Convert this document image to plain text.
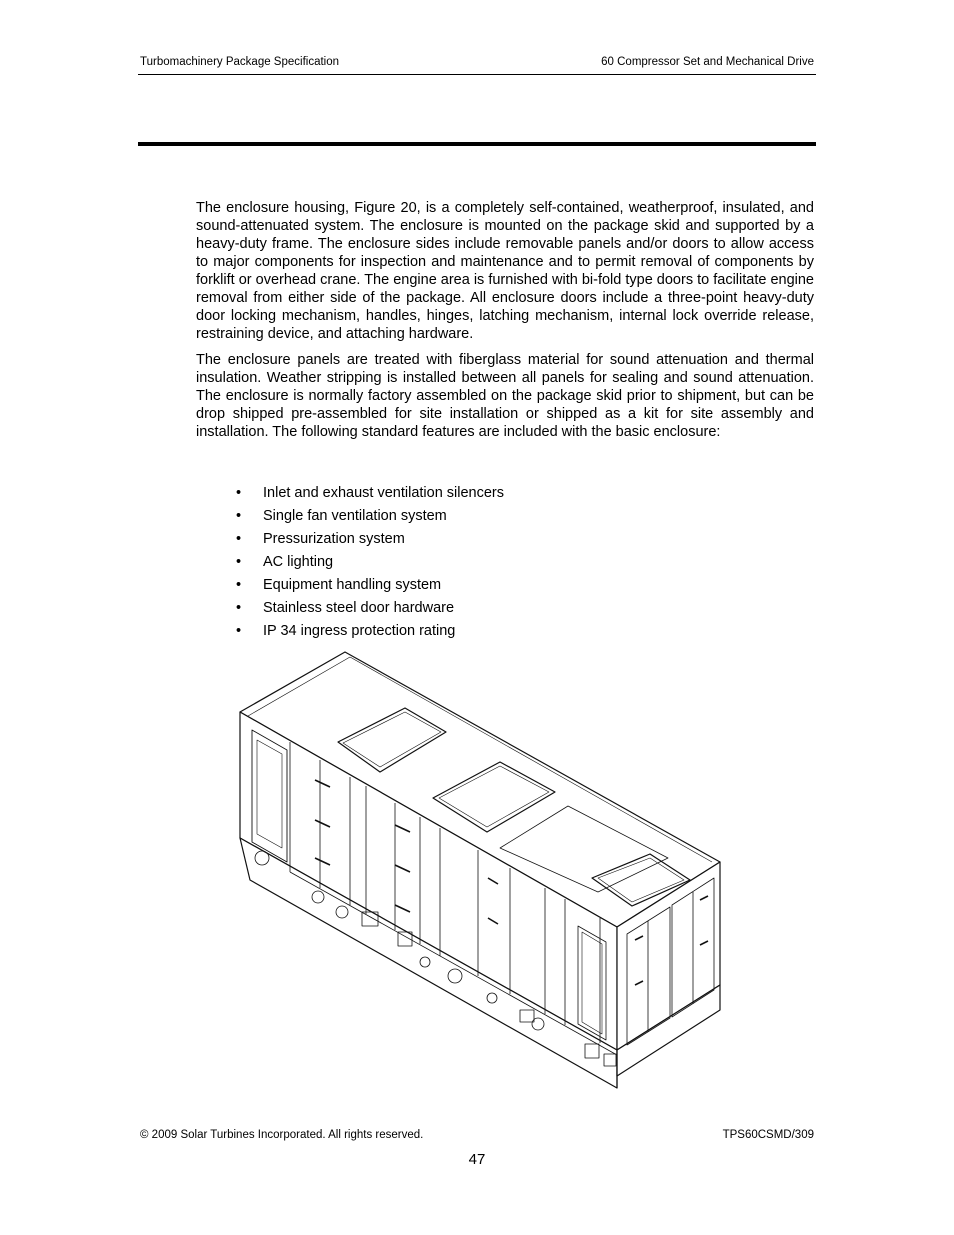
Turbomachinery Package Specification	60 Compressor Set and Mechanical Drive

The enclosure housing, Figure 20, is a completely self-contained, weatherproof, insulated, and sound-attenuated system. The enclosure is mounted on the package skid and supported by a heavy-duty frame. The enclosure sides include removable panels and/or doors to allow access to major components for inspection and maintenance and to permit removal of components by forklift or overhead crane. The engine area is furnished with bi-fold type doors to facilitate engine removal from either side of the package. All enclosure doors include a three-point heavy-duty door locking mechanism, handles, hinges, latching mechanism, internal lock override release, restraining device, and attaching hardware.

The enclosure panels are treated with fiberglass material for sound attenuation and thermal insulation. Weather stripping is installed between all panels for sealing and sound attenuation. The enclosure is normally factory assembled on the package skid prior to shipment, but can be drop shipped pre-assembled for site installation or shipped as a kit for site assembly and installation. The following standard features are included with the basic enclosure:

• Inlet and exhaust ventilation silencers
• Single fan ventilation system
• Pressurization system
• AC lighting
• Equipment handling system
• Stainless steel door hardware
• IP 34 ingress protection rating
© 2009 Solar Turbines Incorporated. All rights reserved.	TPS60CSMD/309
47
